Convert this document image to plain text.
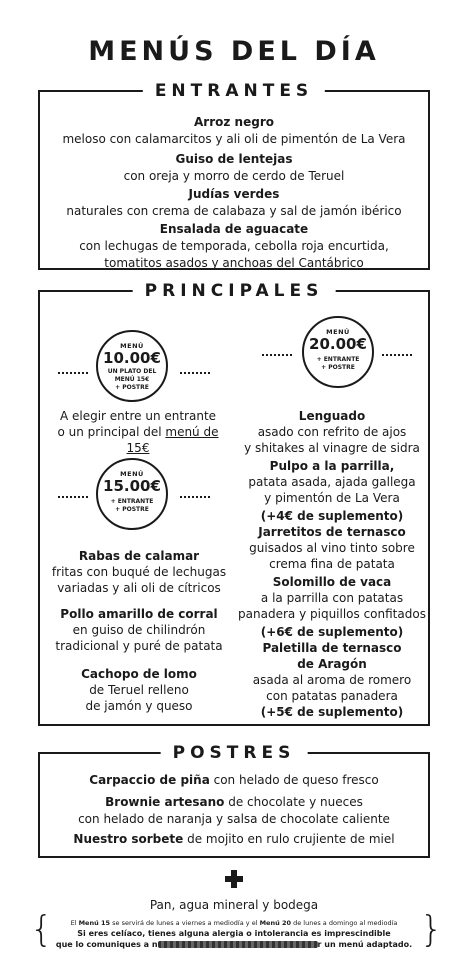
MENÚS DEL DÍA
ENTRANTES
Arroz negro
meloso con calamarcitos y ali oli de pimentón de La Vera
Guiso de lentejas
con oreja y morro de cerdo de Teruel
Judías verdes
naturales con crema de calabaza y sal de jamón ibérico
Ensalada de aguacate
con lechugas de temporada, cebolla roja encurtida,
tomatitos asados y anchoas del Cantábrico
PRINCIPALES
MENÚ
10.00€
UN PLATO DEL
MENÚ 15€
+ POSTRE
MENÚ
20.00€
+ ENTRANTE
+ POSTRE
A elegir entre un entrante
o un principal del menú de 15€
MENÚ
15.00€
+ ENTRANTE
+ POSTRE
Rabas de calamar
fritas con buqué de lechugas
variadas y ali oli de cítricos
Pollo amarillo de corral
en guiso de chilindrón
tradicional y puré de patata
Cachopo de lomo
de Teruel relleno
de jamón y queso
Lenguado
asado con refrito de ajos
y shitakes al vinagre de sidra
Pulpo a la parrilla,
patata asada, ajada gallega
y pimentón de La Vera
(+4€ de suplemento)
Jarretitos de ternasco
guisados al vino tinto sobre
crema fina de patata
Solomillo de vaca
a la parrilla con patatas
panadera y piquillos confitados
(+6€ de suplemento)
Paletilla de ternasco
de Aragón
asada al aroma de romero
con patatas panadera
(+5€ de suplemento)
POSTRES
Carpaccio de piña con helado de queso fresco
Brownie artesano de chocolate y nueces
con helado de naranja y salsa de chocolate caliente
Nuestro sorbete de mojito en rulo crujiente de miel
Pan, agua mineral y bodega
{	}
El Menú 15 se servirá de lunes a viernes a mediodía y el Menú 20 de lunes a domingo al mediodía
Si eres celíaco, tienes alguna alergia o intolerancia es imprescindible
que lo comuniques a n	r un menú adaptado.
